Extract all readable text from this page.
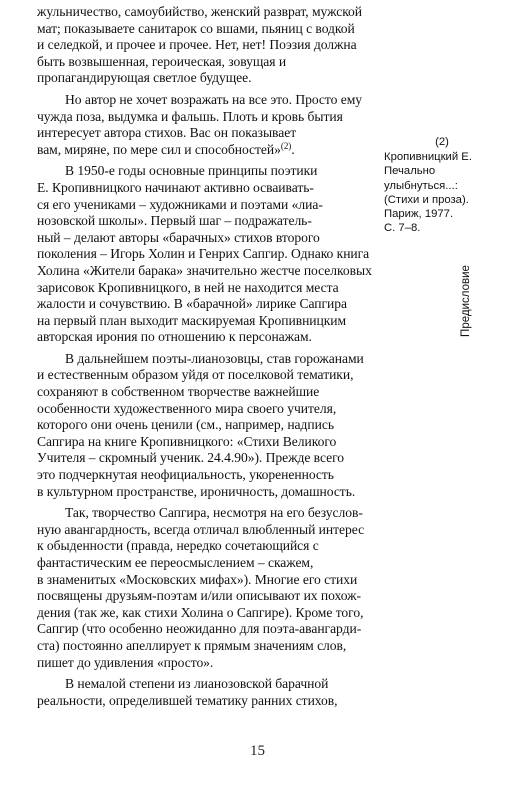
жульничество, самоубийство, женский разврат, мужской
мат; показываете санитарок со вшами, пьяниц с водкой
и селедкой, и прочее и прочее. Нет, нет! Поэзия должна
быть возвышенная, героическая, зовущая и
пропагандирующая светлое будущее.
Но автор не хочет возражать на все это. Просто ему
чужда поза, выдумка и фальшь. Плоть и кровь бытия
интересует автора стихов. Вас он показывает
вам, миряне, по мере сил и способностей»$^{(2)}$.
В 1950-е годы основные принципы поэтики
Е. Кропивницкого начинают активно осваивать-
ся его учениками – художниками и поэтами «лиа-
нозовской школы». Первый шаг – подражатель-
ный – делают авторы «барачных» стихов второго
поколения – Игорь Холин и Генрих Сапгир. Однако книга
Холина «Жители барака» значительно жестче поселковых
зарисовок Кропивницкого, в ней не находится места
жалости и сочувствию. В «барачной» лирике Сапгира
на первый план выходит маскируемая Кропивницким
авторская ирония по отношению к персонажам.
В дальнейшем поэты-лианозовцы, став горожанами
и естественным образом уйдя от поселковой тематики,
сохраняют в собственном творчестве важнейшие
особенности художественного мира своего учителя,
которого они очень ценили (см., например, надпись
Сапгира на книге Кропивницкого: «Стихи Великого
Учителя – скромный ученик. 24.4.90»). Прежде всего
это подчеркнутая неофициальность, укорененность
в культурном пространстве, ироничность, домашность.
Так, творчество Сапгира, несмотря на его безуслов-
ную авангардность, всегда отличал влюбленный интерес
к обыденности (правда, нередко сочетающийся с
фантастическим ее переосмыслением – скажем,
в знаменитых «Московских мифах»). Многие его стихи
посвящены друзьям-поэтам и/или описывают их похож-
дения (так же, как стихи Холина о Сапгире). Кроме того,
Сапгир (что особенно неожиданно для поэта-авангарди-
ста) постоянно апеллирует к прямым значениям слов,
пишет до удивления «просто».
В немалой степени из лианозовской барачной
реальности, определившей тематику ранних стихов,
(2)
Кропивницкий Е.
Печально
улыбнуться...:
(Стихи и проза).
Париж, 1977.
С. 7–8.
Предисловие
15
